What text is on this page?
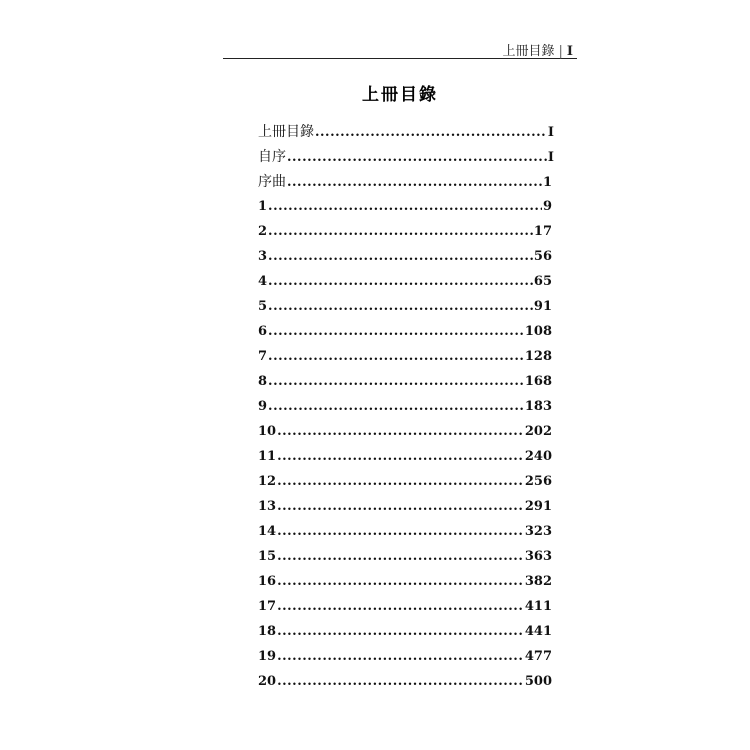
上冊目錄 | I
上冊目錄
上冊目錄 .....	I
自序 .....	I
序曲 .....	1
1 .....	9
2 .....	17
3 .....	56
4 .....	65
5 .....	91
6 .....	108
7 .....	128
8 .....	168
9 .....	183
10 .....	202
11 .....	240
12 .....	256
13 .....	291
14 .....	323
15 .....	363
16 .....	382
17 .....	411
18 .....	441
19 .....	477
20 .....	500
